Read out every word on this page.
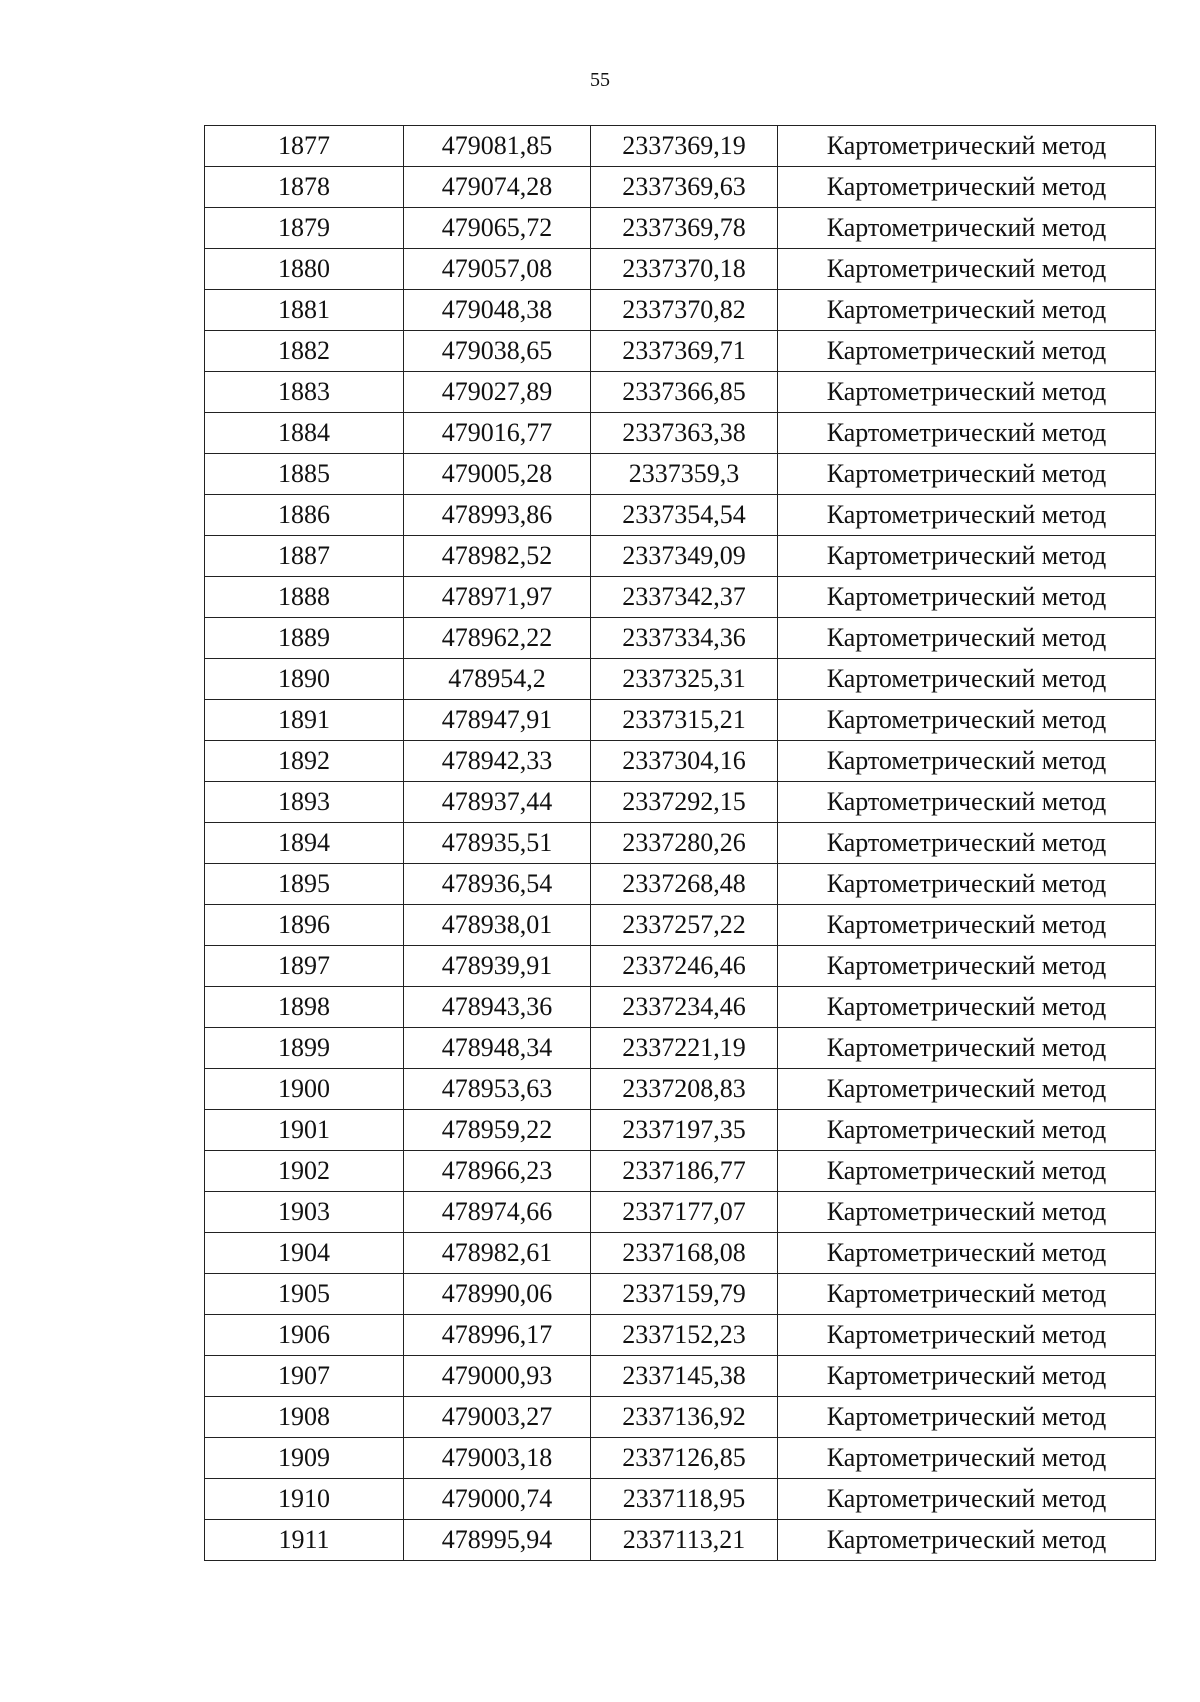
55
1877	479081,85	2337369,19	Картометрический метод
1878	479074,28	2337369,63	Картометрический метод
1879	479065,72	2337369,78	Картометрический метод
1880	479057,08	2337370,18	Картометрический метод
1881	479048,38	2337370,82	Картометрический метод
1882	479038,65	2337369,71	Картометрический метод
1883	479027,89	2337366,85	Картометрический метод
1884	479016,77	2337363,38	Картометрический метод
1885	479005,28	2337359,3	Картометрический метод
1886	478993,86	2337354,54	Картометрический метод
1887	478982,52	2337349,09	Картометрический метод
1888	478971,97	2337342,37	Картометрический метод
1889	478962,22	2337334,36	Картометрический метод
1890	478954,2	2337325,31	Картометрический метод
1891	478947,91	2337315,21	Картометрический метод
1892	478942,33	2337304,16	Картометрический метод
1893	478937,44	2337292,15	Картометрический метод
1894	478935,51	2337280,26	Картометрический метод
1895	478936,54	2337268,48	Картометрический метод
1896	478938,01	2337257,22	Картометрический метод
1897	478939,91	2337246,46	Картометрический метод
1898	478943,36	2337234,46	Картометрический метод
1899	478948,34	2337221,19	Картометрический метод
1900	478953,63	2337208,83	Картометрический метод
1901	478959,22	2337197,35	Картометрический метод
1902	478966,23	2337186,77	Картометрический метод
1903	478974,66	2337177,07	Картометрический метод
1904	478982,61	2337168,08	Картометрический метод
1905	478990,06	2337159,79	Картометрический метод
1906	478996,17	2337152,23	Картометрический метод
1907	479000,93	2337145,38	Картометрический метод
1908	479003,27	2337136,92	Картометрический метод
1909	479003,18	2337126,85	Картометрический метод
1910	479000,74	2337118,95	Картометрический метод
1911	478995,94	2337113,21	Картометрический метод
